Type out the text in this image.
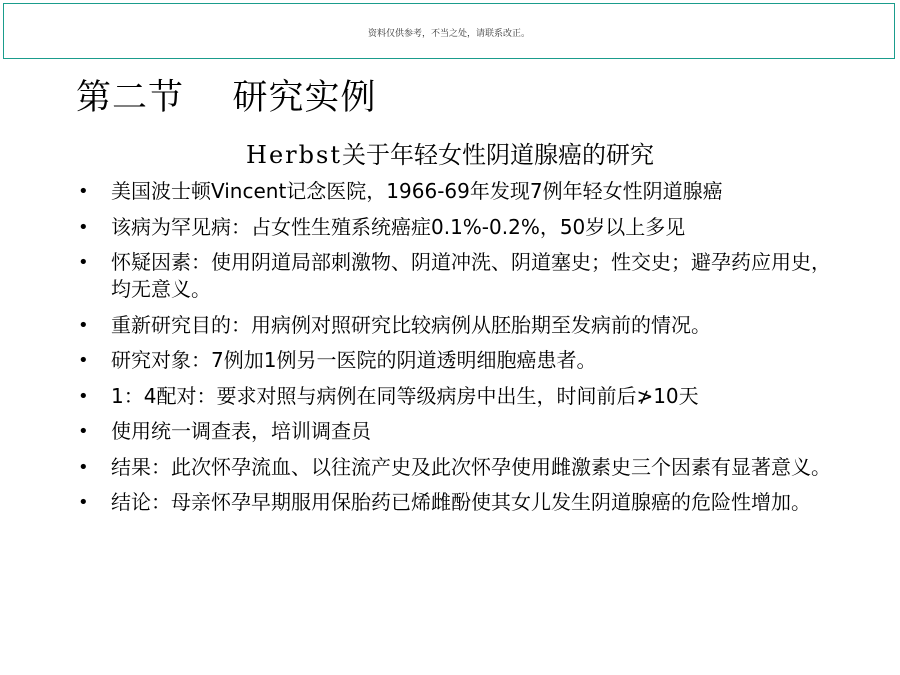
资料仅供参考，不当之处，请联系改正。
第二节    研究实例
Herbst关于年轻女性阴道腺癌的研究
• 美国波士顿Vincent记念医院，1966-69年发现7例年轻女性阴道腺癌
• 该病为罕见病：占女性生殖系统癌症0.1%-0.2%，50岁以上多见
• 怀疑因素：使用阴道局部刺激物、阴道冲洗、阴道塞史；性交史；避孕药应用史，均无意义。
• 重新研究目的：用病例对照研究比较病例从胚胎期至发病前的情况。
• 研究对象：7例加1例另一医院的阴道透明细胞癌患者。
• 1：4配对：要求对照与病例在同等级病房中出生，时间前后≯10天
• 使用统一调查表，培训调查员
• 结果：此次怀孕流血、以往流产史及此次怀孕使用雌激素史三个因素有显著意义。
• 结论：母亲怀孕早期服用保胎药已烯雌酚使其女儿发生阴道腺癌的危险性增加。
